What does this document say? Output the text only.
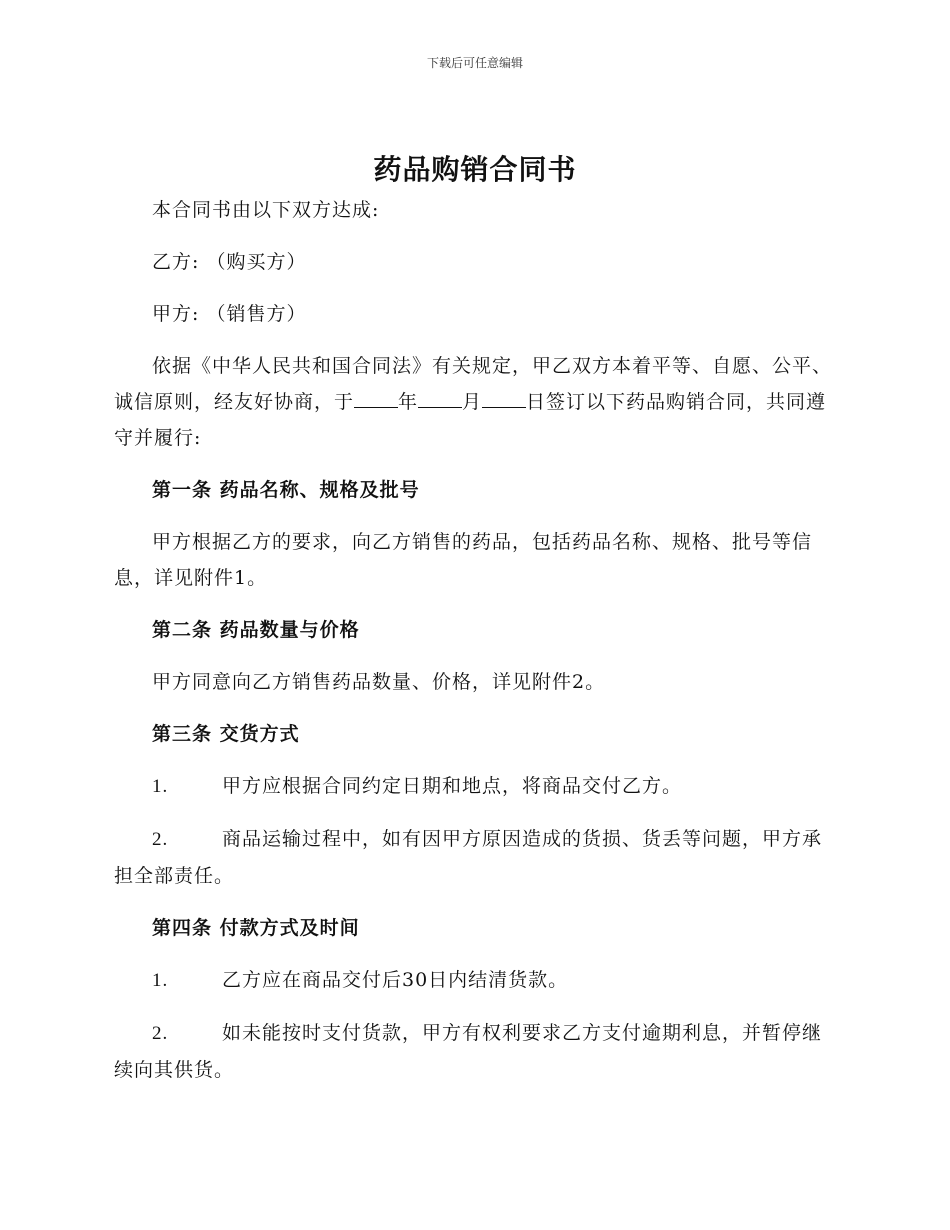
下载后可任意编辑
药品购销合同书

本合同书由以下双方达成:

乙方: （购买方）

甲方: （销售方）

依据《中华人民共和国合同法》有关规定，甲乙双方本着平等、自愿、公平、诚信原则，经友好协商，于 年 月 日签订以下药品购销合同，共同遵守并履行:

第一条 药品名称、规格及批号

甲方根据乙方的要求，向乙方销售的药品，包括药品名称、规格、批号等信息，详见附件1。

第二条 药品数量与价格

甲方同意向乙方销售药品数量、价格，详见附件2。

第三条 交货方式

1.	甲方应根据合同约定日期和地点，将商品交付乙方。

2.	商品运输过程中，如有因甲方原因造成的货损、货丢等问题，甲方承担全部责任。

第四条 付款方式及时间

1.	乙方应在商品交付后30日内结清货款。

2.	如未能按时支付货款，甲方有权利要求乙方支付逾期利息，并暂停继续向其供货。
